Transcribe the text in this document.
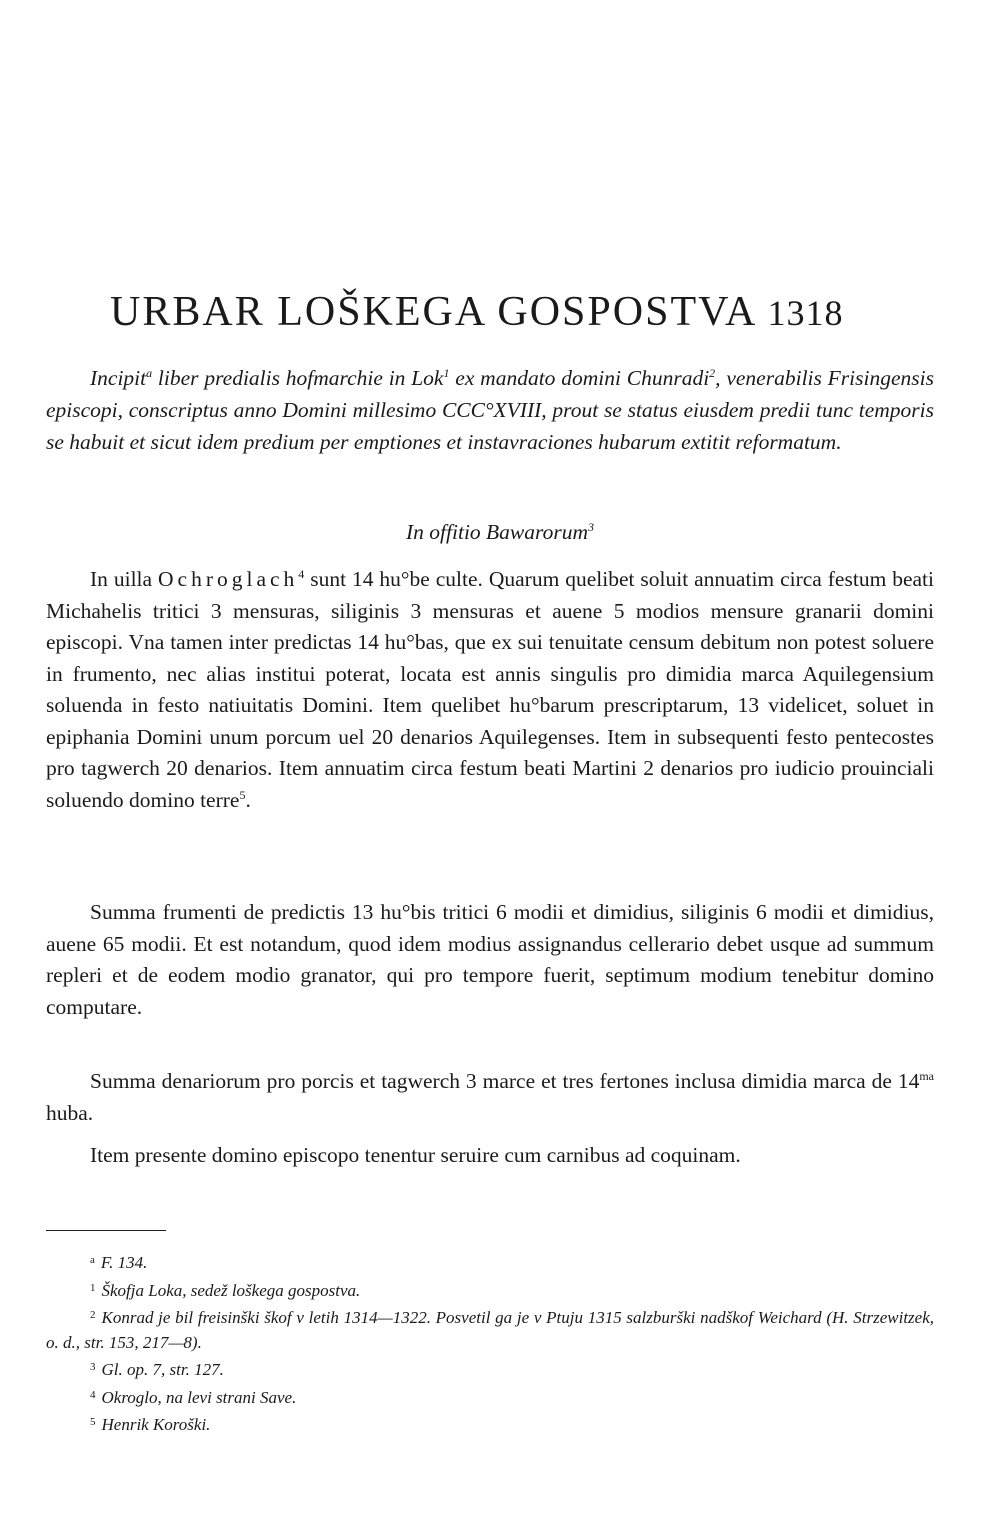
URBAR LOŠKEGA GOSPOSTVA 1318

Incipit$^a$ liber predialis hofmarchie in Lok$^1$ ex mandato domini Chunradi$^2$, venerabilis Frisingensis episcopi, conscriptus anno Domini millesimo CCC°XVIII, prout se status eiusdem predii tunc temporis se habuit et sicut idem predium per emptiones et instavraciones hubarum extitit reformatum.

In offitio Bawarorum$^3$

In uilla Ochroglach$^4$ sunt 14 hu°be culte. Quarum quelibet soluit annuatim circa festum beati Michahelis tritici 3 mensuras, siliginis 3 mensuras et auene 5 modios mensure granarii domini episcopi. Vna tamen inter predictas 14 hu°bas, que ex sui tenuitate censum debitum non potest soluere in frumento, nec alias institui poterat, locata est annis singulis pro dimidia marca Aquilegensium soluenda in festo natiuitatis Domini. Item quelibet hu°barum prescriptarum, 13 videlicet, soluet in epiphania Domini unum porcum uel 20 denarios Aquilegenses. Item in subsequenti festo pentecostes pro tagwerch 20 denarios. Item annuatim circa festum beati Martini 2 denarios pro iudicio prouinciali soluendo domino terre$^5$.

Summa frumenti de predictis 13 hu°bis tritici 6 modii et dimidius, siliginis 6 modii et dimidius, auene 65 modii. Et est notandum, quod idem modius assignandus cellerario debet usque ad summum repleri et de eodem modio granator, qui pro tempore fuerit, septimum modium tenebitur domino computare.

Summa denariorum pro porcis et tagwerch 3 marce et tres fertones inclusa dimidia marca de $14^{ma}$ huba.

Item presente domino episcopo tenentur seruire cum carnibus ad coquinam.

$^a$ F. 134.
$^1$ Škofja Loka, sedež loškega gospostva.
$^2$ Konrad je bil freisinški škof v letih 1314—1322. Posvetil ga je v Ptuju 1315 salzburški nadškof Weichard (H. Strzewitzek, o. d., str. 153, 217—8).
$^3$ Gl. op. 7, str. 127.
$^4$ Okroglo, na levi strani Save.
$^5$ Henrik Koroški.
